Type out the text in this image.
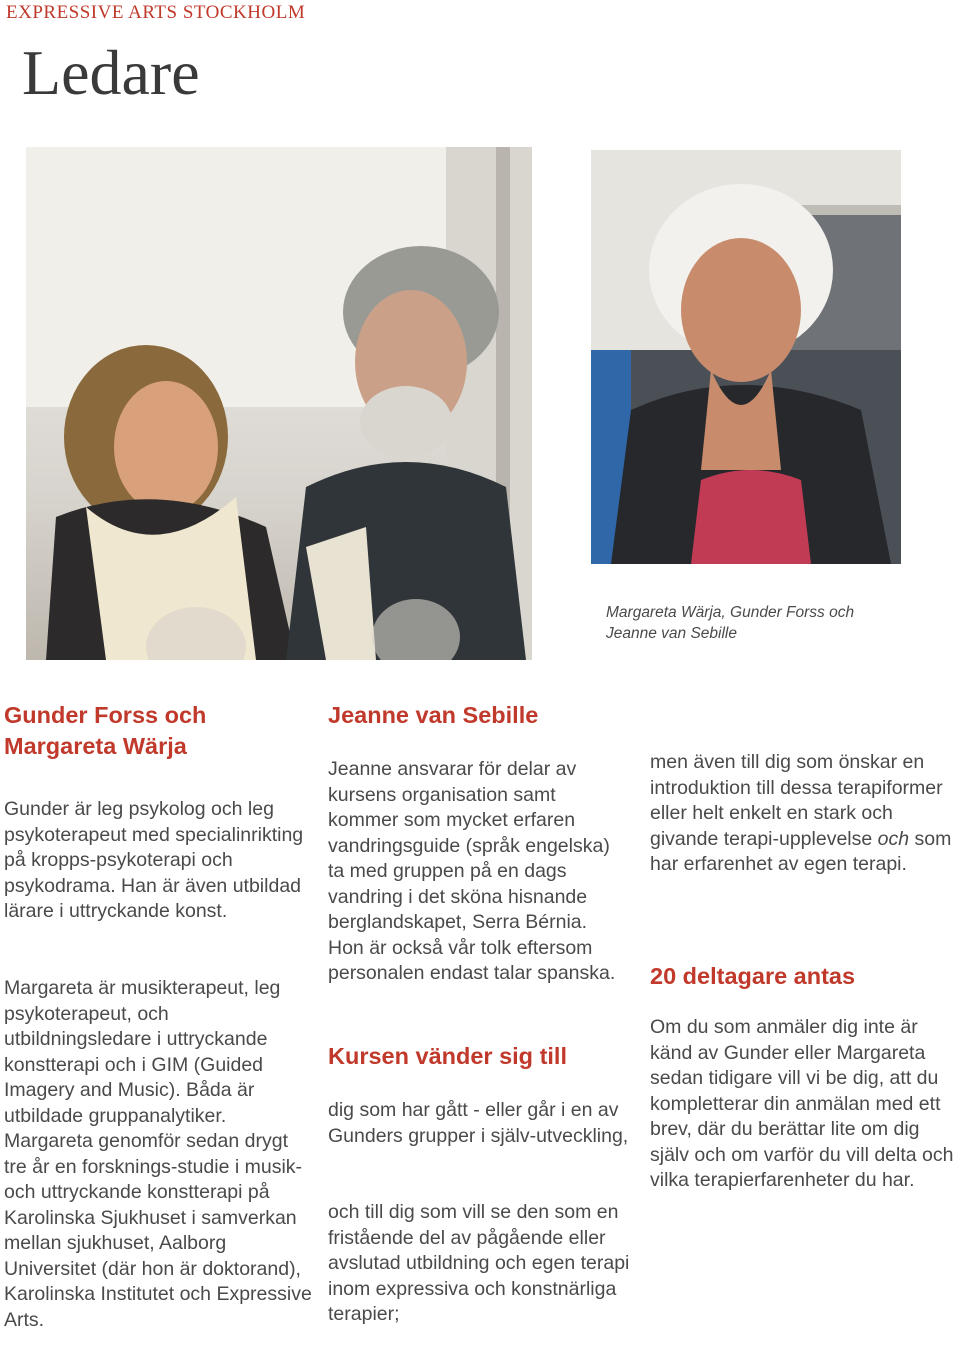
EXPRESSIVE ARTS STOCKHOLM
Ledare
Margareta Wärja, Gunder Forss och
Jeanne van Sebille
Gunder Forss och
Margareta Wärja

Gunder är leg psykolog och leg psykoterapeut med specialinrikting på kropps-psykoterapi och psykodrama. Han är även utbildad lärare i uttryckande konst.

Margareta är musikterapeut, leg psykoterapeut, och utbildningsledare i uttryckande konstterapi och i GIM (Guided Imagery and Music). Båda är utbildade gruppanalytiker. Margareta genomför sedan drygt tre år en forsknings-studie i musik- och uttryckande konstterapi på Karolinska Sjukhuset i samverkan mellan sjukhuset, Aalborg Universitet (där hon är doktorand), Karolinska Institutet och Expressive Arts.

Jeanne van Sebille

Jeanne ansvarar för delar av kursens organisation samt kommer som mycket erfaren vandringsguide (språk engelska) ta med gruppen på en dags vandring i det sköna hisnande berglandskapet, Serra Bérnia. Hon är också vår tolk eftersom personalen endast talar spanska.

Kursen vänder sig till

dig som har gått - eller går i en av Gunders grupper i själv-utveckling,

och till dig som vill se den som en fristående del av pågående eller avslutad utbildning och egen terapi inom expressiva och konstnärliga terapier;

men även till dig som önskar en introduktion till dessa terapiformer eller helt enkelt en stark och givande terapi-upplevelse och som har erfarenhet av egen terapi.

20 deltagare antas

Om du som anmäler dig inte är känd av Gunder eller Margareta sedan tidigare vill vi be dig, att du kompletterar din anmälan med ett brev, där du berättar lite om dig själv och om varför du vill delta och vilka terapierfarenheter du har.
